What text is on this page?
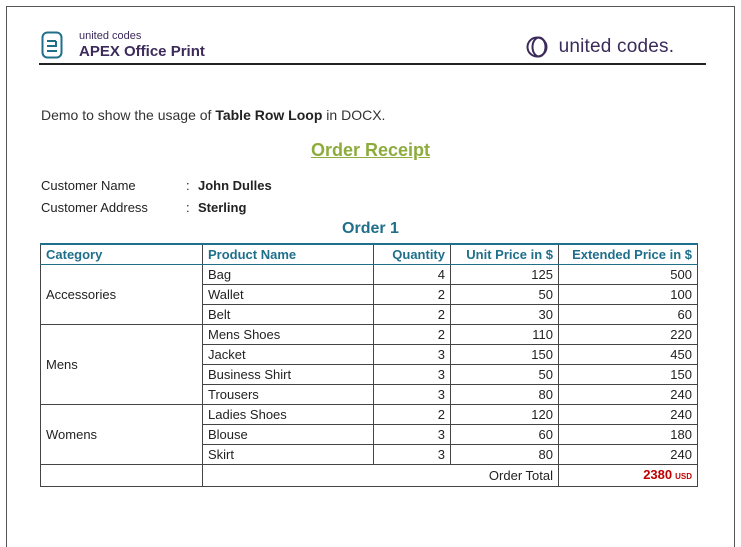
united codes
APEX Office Print	united codes .
Demo to show the usage of Table Row Loop in DOCX.
Order Receipt
Customer Name	: John Dulles
Customer Address	: Sterling
Order 1
Category	Product Name	Quantity	Unit Price in $	Extended Price in $
Accessories	Bag	4	125	500
	Wallet	2	50	100
	Belt	2	30	60
Mens	Mens Shoes	2	110	220
	Jacket	3	150	450
	Business Shirt	3	50	150
	Trousers	3	80	240
Womens	Ladies Shoes	2	120	240
	Blouse	3	60	180
	Skirt	3	80	240
	Order Total			2380 USD
